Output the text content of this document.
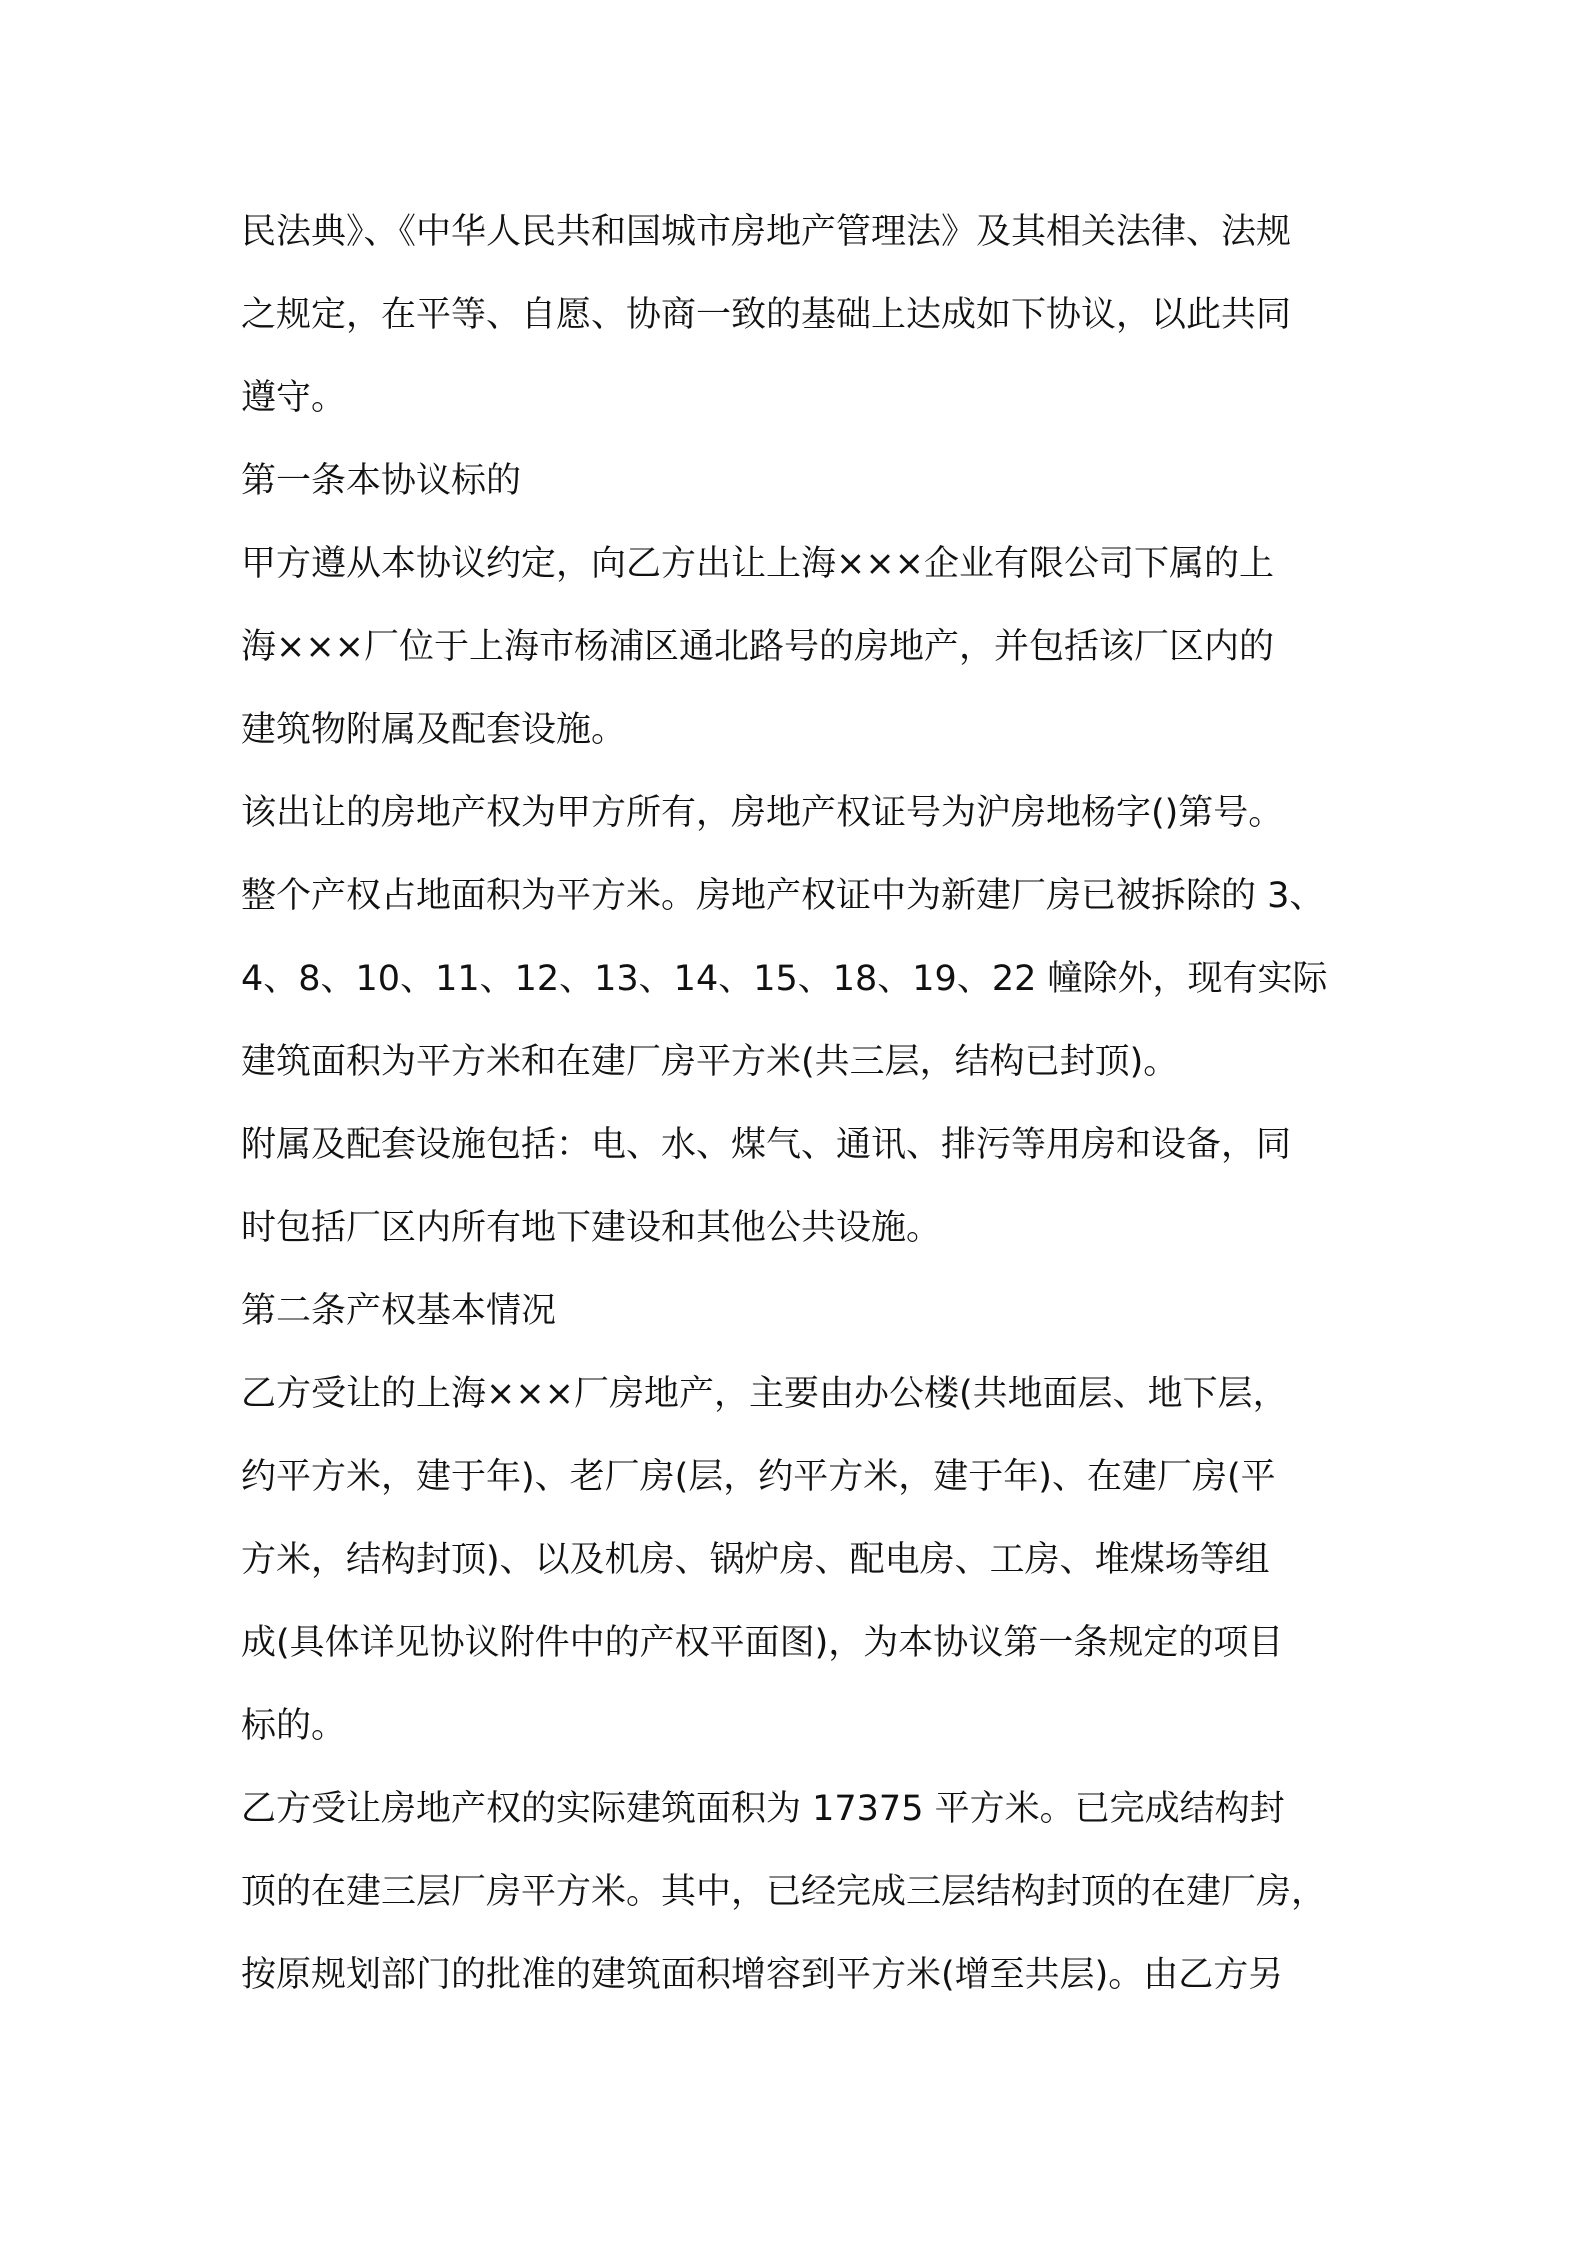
民法典》、《中华人民共和国城市房地产管理法》及其相关法律、法规
之规定，在平等、自愿、协商一致的基础上达成如下协议，以此共同
遵守。
第一条本协议标的
甲方遵从本协议约定，向乙方出让上海×××企业有限公司下属的上
海×××厂位于上海市杨浦区通北路号的房地产，并包括该厂区内的
建筑物附属及配套设施。
该出让的房地产权为甲方所有，房地产权证号为沪房地杨字()第号。
整个产权占地面积为平方米。房地产权证中为新建厂房已被拆除的 3、
4、8、10、11、12、13、14、15、18、19、22 幢除外，现有实际
建筑面积为平方米和在建厂房平方米(共三层，结构已封顶)。
附属及配套设施包括：电、水、煤气、通讯、排污等用房和设备，同
时包括厂区内所有地下建设和其他公共设施。
第二条产权基本情况
乙方受让的上海×××厂房地产，主要由办公楼(共地面层、地下层，
约平方米，建于年)、老厂房(层，约平方米，建于年)、在建厂房(平
方米，结构封顶)、以及机房、锅炉房、配电房、工房、堆煤场等组
成(具体详见协议附件中的产权平面图)，为本协议第一条规定的项目
标的。
乙方受让房地产权的实际建筑面积为 17375 平方米。已完成结构封
顶的在建三层厂房平方米。其中，已经完成三层结构封顶的在建厂房，
按原规划部门的批准的建筑面积增容到平方米(增至共层)。由乙方另
